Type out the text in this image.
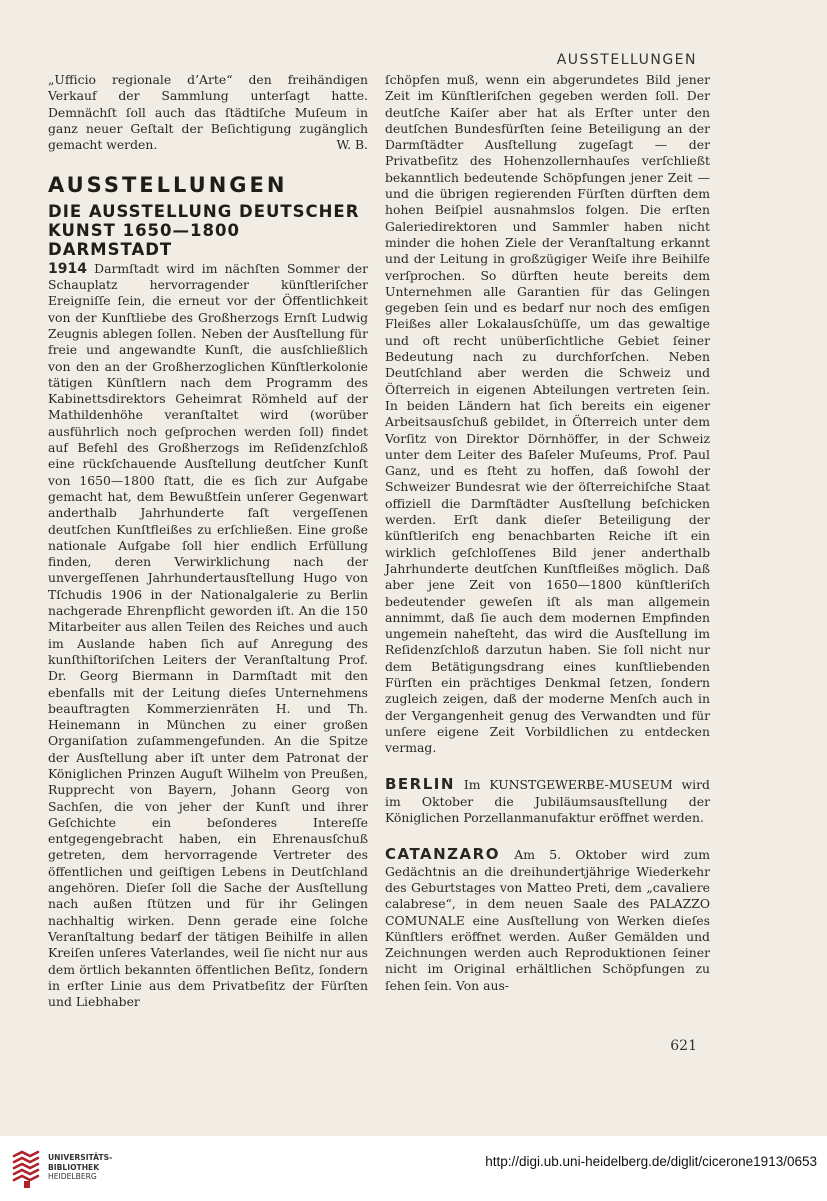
AUSSTELLUNGEN

„Ufficio regionale d’Arte“ den freihändigen Verkauf der Sammlung unterſagt hatte. Demnächſt ſoll auch das ſtädtiſche Muſeum in ganz neuer Geſtalt der Beſichtigung zugänglich gemacht werden.	W. B.
AUSSTELLUNGEN
DIE AUSSTELLUNG DEUTSCHER KUNST 1650—1800 DARMSTADT

1914 Darmſtadt wird im nächſten Sommer der Schauplatz hervorragender künſtleriſcher Ereigniſſe ſein, die erneut vor der Öffentlichkeit von der Kunſtliebe des Großherzogs Ernſt Ludwig Zeugnis ablegen ſollen. Neben der Ausſtellung für freie und angewandte Kunſt, die ausſchließlich von den an der Großherzoglichen Künſtlerkolonie tätigen Künſtlern nach dem Programm des Kabinettsdirektors Geheimrat Römheld auf der Mathildenhöhe veranſtaltet wird (worüber ausführlich noch geſprochen werden ſoll) findet auf Befehl des Großherzogs im Reſidenzſchloß eine rückſchauende Ausſtellung deutſcher Kunſt von 1650—1800 ſtatt, die es ſich zur Aufgabe gemacht hat, dem Bewußtſein unſerer Gegenwart anderthalb Jahrhunderte faſt vergeſſenen deutſchen Kunſtfleißes zu erſchließen. Eine große nationale Aufgabe ſoll hier endlich Erfüllung finden, deren Verwirklichung nach der unvergeſſenen Jahrhundertausſtellung Hugo von Tſchudis 1906 in der Nationalgalerie zu Berlin nachgerade Ehrenpflicht geworden iſt. An die 150 Mitarbeiter aus allen Teilen des Reiches und auch im Auslande haben ſich auf Anregung des kunſthiſtoriſchen Leiters der Veranſtaltung Prof. Dr. Georg Biermann in Darmſtadt mit den ebenfalls mit der Leitung dieſes Unternehmens beauftragten Kommerzienräten H. und Th. Heinemann in München zu einer großen Organiſation zuſammengefunden. An die Spitze der Ausſtellung aber iſt unter dem Patronat der Königlichen Prinzen Auguſt Wilhelm von Preußen, Rupprecht von Bayern, Johann Georg von Sachſen, die von jeher der Kunſt und ihrer Geſchichte ein beſonderes Intereſſe entgegengebracht haben, ein Ehrenausſchuß getreten, dem hervorragende Vertreter des öffentlichen und geiſtigen Lebens in Deutſchland angehören. Dieſer ſoll die Sache der Ausſtellung nach außen ſtützen und für ihr Gelingen nachhaltig wirken. Denn gerade eine ſolche Veranſtaltung bedarf der tätigen Beihilfe in allen Kreiſen unſeres Vaterlandes, weil ſie nicht nur aus dem örtlich bekannten öffentlichen Beſitz, ſondern in erſter Linie aus dem Privatbeſitz der Fürſten und Liebhaber

ſchöpfen muß, wenn ein abgerundetes Bild jener Zeit im Künſtleriſchen gegeben werden ſoll. Der deutſche Kaiſer aber hat als Erſter unter den deutſchen Bundesfürſten ſeine Beteiligung an der Darmſtädter Ausſtellung zugeſagt — der Privatbeſitz des Hohenzollernhauſes verſchließt bekanntlich bedeutende Schöpfungen jener Zeit — und die übrigen regierenden Fürſten dürften dem hohen Beiſpiel ausnahmslos folgen. Die erſten Galeriedirektoren und Sammler haben nicht minder die hohen Ziele der Veranſtaltung erkannt und der Leitung in großzügiger Weiſe ihre Beihilfe verſprochen. So dürften heute bereits dem Unternehmen alle Garantien für das Gelingen gegeben ſein und es bedarf nur noch des emſigen Fleißes aller Lokalausſchüſſe, um das gewaltige und oft recht unüberſichtliche Gebiet ſeiner Bedeutung nach zu durchforſchen. Neben Deutſchland aber werden die Schweiz und Öſterreich in eigenen Abteilungen vertreten ſein. In beiden Ländern hat ſich bereits ein eigener Arbeitsausſchuß gebildet, in Öſterreich unter dem Vorſitz von Direktor Dörnhöffer, in der Schweiz unter dem Leiter des Baſeler Muſeums, Prof. Paul Ganz, und es ſteht zu hoffen, daß ſowohl der Schweizer Bundesrat wie der öſterreichiſche Staat offiziell die Darmſtädter Ausſtellung beſchicken werden. Erſt dank dieſer Beteiligung der künſtleriſch eng benachbarten Reiche iſt ein wirklich geſchloſſenes Bild jener anderthalb Jahrhunderte deutſchen Kunſtfleißes möglich. Daß aber jene Zeit von 1650—1800 künſtleriſch bedeutender geweſen iſt als man allgemein annimmt, daß ſie auch dem modernen Empfinden ungemein naheſteht, das wird die Ausſtellung im Reſidenzſchloß darzutun haben. Sie ſoll nicht nur dem Betätigungsdrang eines kunſtliebenden Fürſten ein prächtiges Denkmal ſetzen, ſondern zugleich zeigen, daß der moderne Menſch auch in der Vergangenheit genug des Verwandten und für unſere eigene Zeit Vorbildlichen zu entdecken vermag.

BERLIN Im KUNSTGEWERBE-MUSEUM wird im Oktober die Jubiläumsausſtellung der Königlichen Porzellanmanufaktur eröffnet werden.

CATANZARO Am 5. Oktober wird zum Gedächtnis an die dreihundertjährige Wiederkehr des Geburtstages von Matteo Preti, dem „cavaliere calabrese“, in dem neuen Saale des PALAZZO COMUNALE eine Ausſtellung von Werken dieſes Künſtlers eröffnet werden. Außer Gemälden und Zeichnungen werden auch Reproduktionen ſeiner nicht im Original erhältlichen Schöpfungen zu ſehen ſein. Von aus-

621
UNIVERSITÄTS-
BIBLIOTHEK
HEIDELBERG
http://digi.ub.uni-heidelberg.de/diglit/cicerone1913/0653
